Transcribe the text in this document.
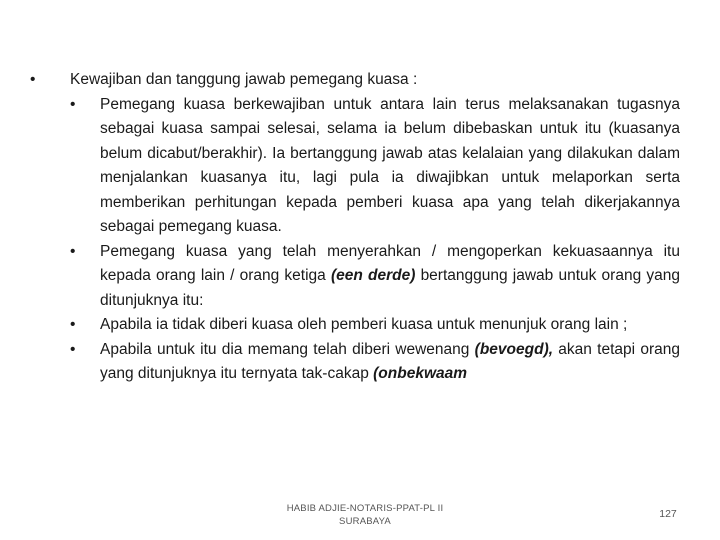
• Kewajiban dan tanggung jawab pemegang kuasa :
• Pemegang kuasa berkewajiban untuk antara lain terus melaksanakan tugasnya sebagai kuasa sampai selesai, selama ia belum dibebaskan untuk itu (kuasanya belum dicabut/berakhir). Ia bertanggung jawab atas kelalaian yang dilakukan dalam menjalankan kuasanya itu, lagi pula ia diwajibkan untuk melaporkan serta memberikan perhitungan kepada pemberi kuasa apa yang telah dikerjakannya sebagai pemegang kuasa.
• Pemegang kuasa yang telah menyerahkan / mengoperkan kekuasaannya itu kepada orang lain / orang ketiga (een derde) bertanggung jawab untuk orang yang ditunjuknya itu:
• Apabila ia tidak diberi kuasa oleh pemberi kuasa untuk menunjuk orang lain ;
• Apabila untuk itu dia memang telah diberi wewenang (bevoegd), akan tetapi orang yang ditunjuknya itu ternyata tak-cakap (onbekwaam
HABIB ADJIE-NOTARIS-PPAT-PL II
SURABAYA
127
